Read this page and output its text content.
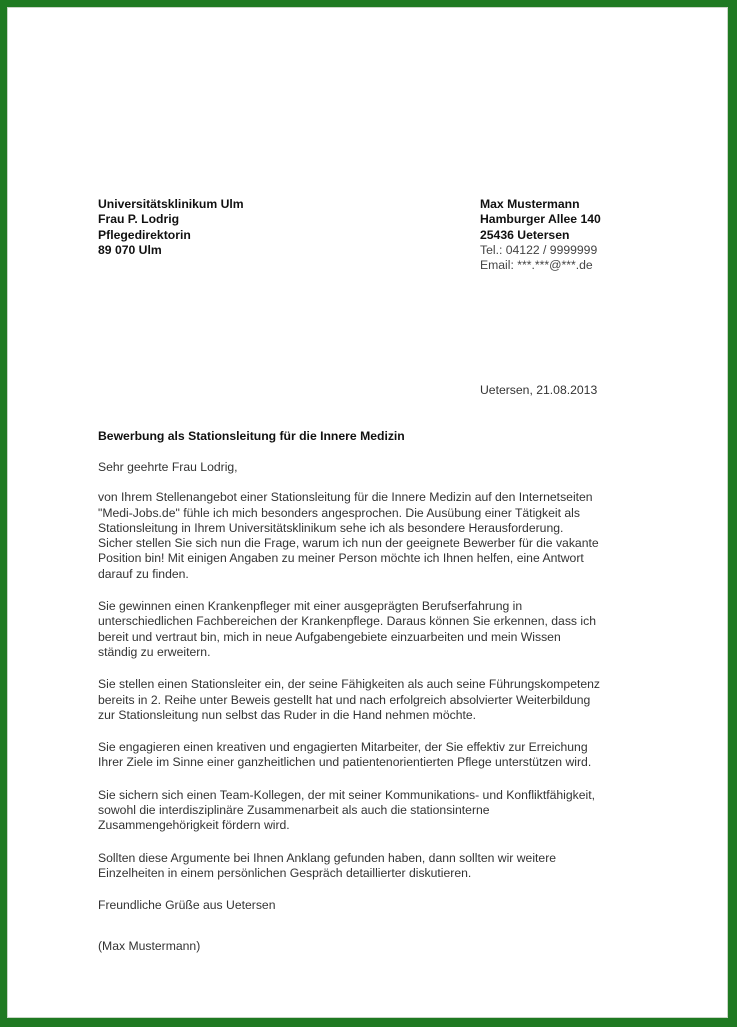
Universitätsklinikum Ulm
Frau P. Lodrig
Pflegedirektorin
89 070 Ulm
Max Mustermann
Hamburger Allee 140
25436 Uetersen
Tel.: 04122 / 9999999
Email: ***.***@***.de
Uetersen, 21.08.2013
Bewerbung als Stationsleitung für die Innere Medizin

Sehr geehrte Frau Lodrig,

von Ihrem Stellenangebot einer Stationsleitung für die Innere Medizin auf den Internetseiten
"Medi-Jobs.de" fühle ich mich besonders angesprochen. Die Ausübung einer Tätigkeit als
Stationsleitung in Ihrem Universitätsklinikum sehe ich als besondere Herausforderung.
Sicher stellen Sie sich nun die Frage, warum ich nun der geeignete Bewerber für die vakante
Position bin! Mit einigen Angaben zu meiner Person möchte ich Ihnen helfen, eine Antwort
darauf zu finden.

Sie gewinnen einen Krankenpfleger mit einer ausgeprägten Berufserfahrung in
unterschiedlichen Fachbereichen der Krankenpflege. Daraus können Sie erkennen, dass ich
bereit und vertraut bin, mich in neue Aufgabengebiete einzuarbeiten und mein Wissen
ständig zu erweitern.

Sie stellen einen Stationsleiter ein, der seine Fähigkeiten als auch seine Führungskompetenz
bereits in 2. Reihe unter Beweis gestellt hat und nach erfolgreich absolvierter Weiterbildung
zur Stationsleitung nun selbst das Ruder in die Hand nehmen möchte.

Sie engagieren einen kreativen und engagierten Mitarbeiter, der Sie effektiv zur Erreichung
Ihrer Ziele im Sinne einer ganzheitlichen und patientenorientierten Pflege unterstützen wird.

Sie sichern sich einen Team-Kollegen, der mit seiner Kommunikations- und Konfliktfähigkeit,
sowohl die interdisziplinäre Zusammenarbeit als auch die stationsinterne
Zusammengehörigkeit fördern wird.

Sollten diese Argumente bei Ihnen Anklang gefunden haben, dann sollten wir weitere
Einzelheiten in einem persönlichen Gespräch detaillierter diskutieren.

Freundliche Grüße aus Uetersen

(Max Mustermann)
